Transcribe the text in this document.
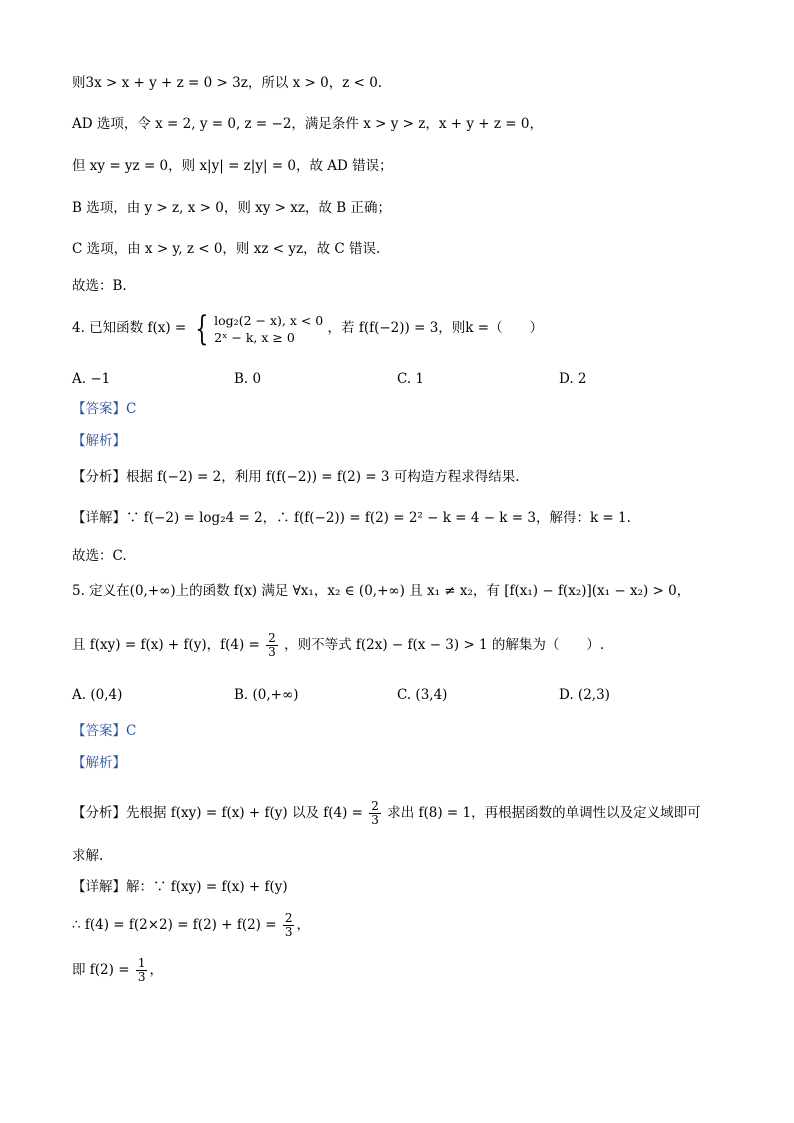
则3x > x + y + z = 0 > 3z，所以 x > 0，z < 0.
AD 选项，令 x = 2, y = 0, z = −2，满足条件 x > y > z，x + y + z = 0，
但 xy = yz = 0，则 x|y| = z|y| = 0，故 AD 错误；
B 选项，由 y > z, x > 0，则 xy > xz，故 B 正确；
C 选项，由 x > y, z < 0，则 xz < yz，故 C 错误.
故选：B.
4. 已知函数 f(x) = { log₂(2 − x), x < 0
2ˣ − k, x ≥ 0
，若 f(f(−2)) = 3，则k =（　　）
A. −1	B. 0	C. 1	D. 2
【答案】C
【解析】
【分析】根据 f(−2) = 2，利用 f(f(−2)) = f(2) = 3 可构造方程求得结果.
【详解】∵ f(−2) = log₂4 = 2，∴ f(f(−2)) = f(2) = 2² − k = 4 − k = 3，解得：k = 1.
故选：C.
5. 定义在(0,+∞)上的函数 f(x) 满足 ∀x₁，x₂ ∈ (0,+∞) 且 x₁ ≠ x₂，有 [f(x₁) − f(x₂)](x₁ − x₂) > 0，
且 f(xy) = f(x) + f(y)，$f(4) = \frac{2}{3}$ ，则不等式 f(2x) − f(x − 3) > 1 的解集为（　　）.
A. (0,4)	B. (0,+∞)	C. (3,4)	D. (2,3)
【答案】C
【解析】
【分析】先根据 f(xy) = f(x) + f(y) 以及 $f(4) = \frac{2}{3}$ 求出 f(8) = 1，再根据函数的单调性以及定义域即可
求解.
【详解】解：∵ f(xy) = f(x) + f(y)
∴ $f(4) = f(2\times 2) = f(2) + f(2) = \frac{2}{3}$ ，
即 $f(2) = \frac{1}{3}$ ，
